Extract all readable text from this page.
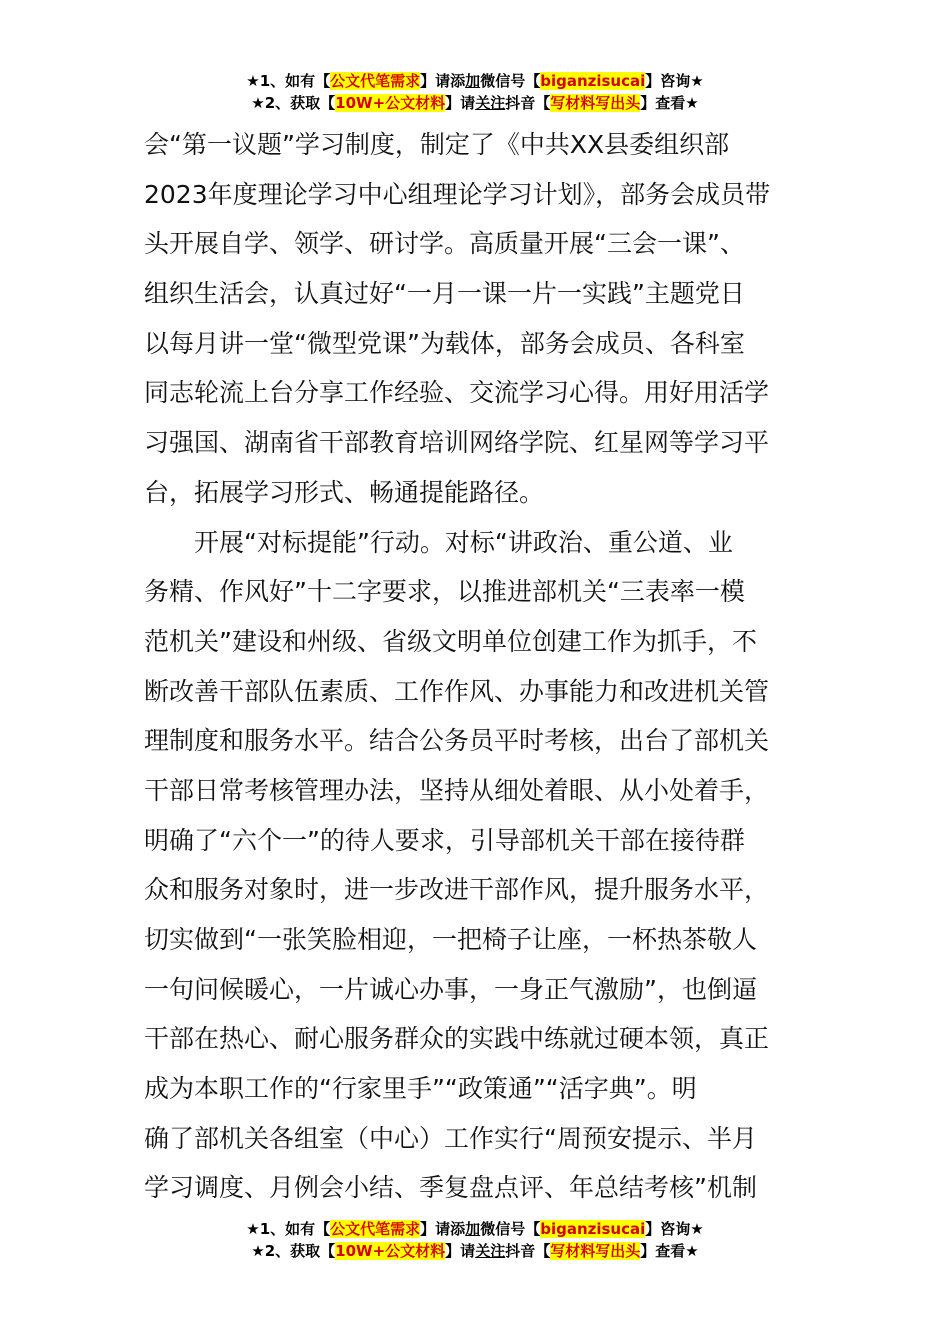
★1、如有【公文代笔需求】请添加微信号【biganzisucai】咨询★
★2、获取【10W+公文材料】请关注抖音【写材料写出头】查看★
会“第一议题”学习制度，制定了《中共XX县委组织部
2023年度理论学习中心组理论学习计划》，部务会成员带
头开展自学、领学、研讨学。高质量开展“三会一课”、
组织生活会，认真过好“一月一课一片一实践”主题党日
以每月讲一堂“微型党课”为载体，部务会成员、各科室
同志轮流上台分享工作经验、交流学习心得。用好用活学
习强国、湖南省干部教育培训网络学院、红星网等学习平
台，拓展学习形式、畅通提能路径。
开展“对标提能”行动。对标“讲政治、重公道、业
务精、作风好”十二字要求，以推进部机关“三表率一模
范机关”建设和州级、省级文明单位创建工作为抓手，不
断改善干部队伍素质、工作作风、办事能力和改进机关管
理制度和服务水平。结合公务员平时考核，出台了部机关
干部日常考核管理办法，坚持从细处着眼、从小处着手，
明确了“六个一”的待人要求，引导部机关干部在接待群
众和服务对象时，进一步改进干部作风，提升服务水平，
切实做到“一张笑脸相迎，一把椅子让座，一杯热茶敬人
一句问候暖心，一片诚心办事，一身正气激励”，也倒逼
干部在热心、耐心服务群众的实践中练就过硬本领，真正
成为本职工作的“行家里手”“政策通”“活字典”。明
确了部机关各组室（中心）工作实行“周预安提示、半月
学习调度、月例会小结、季复盘点评、年总结考核”机制
★1、如有【公文代笔需求】请添加微信号【biganzisucai】咨询★
★2、获取【10W+公文材料】请关注抖音【写材料写出头】查看★
